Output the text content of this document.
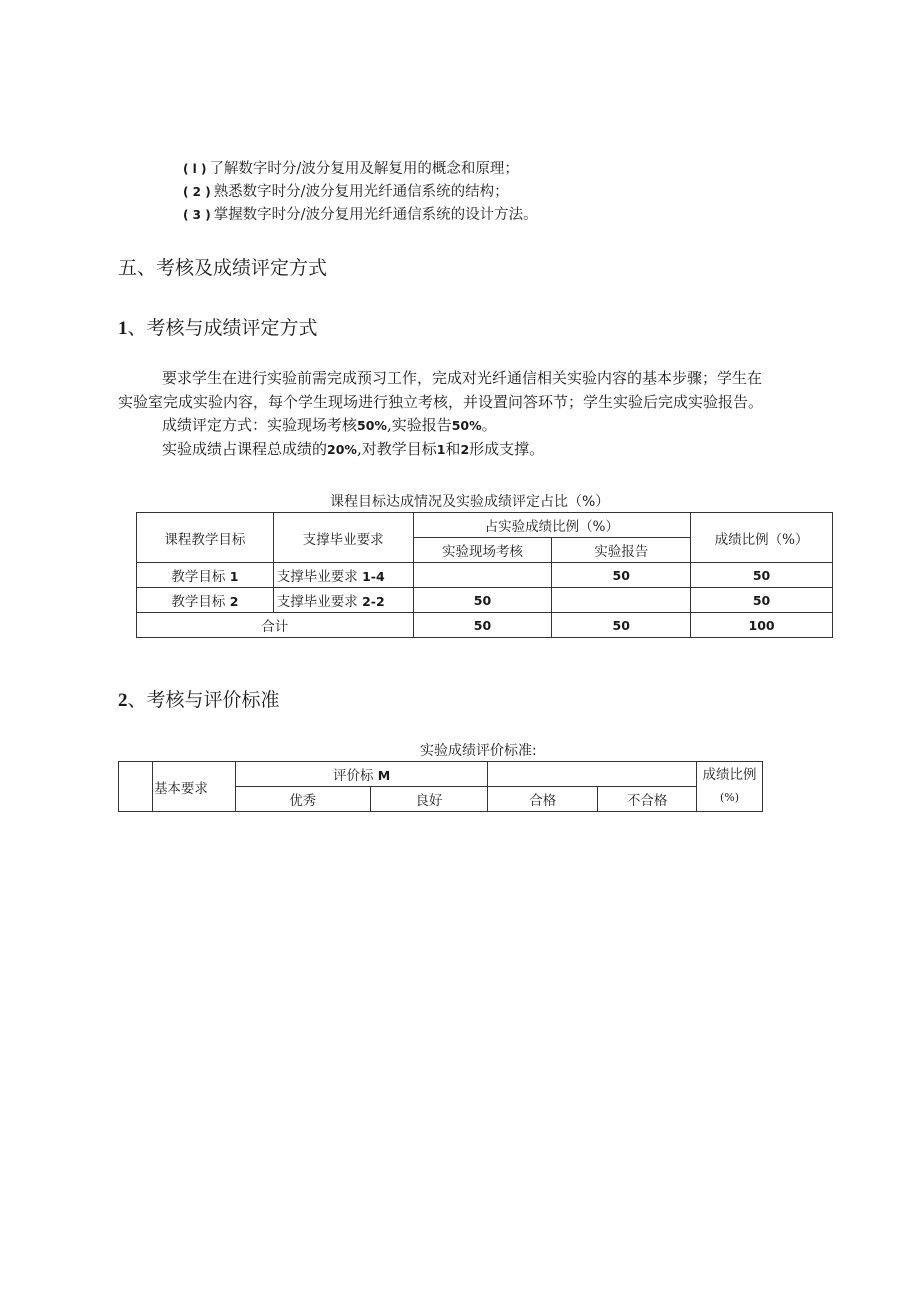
( l ) 了解数字时分/波分复用及解复用的概念和原理；
( 2 ) 熟悉数字时分/波分复用光纤通信系统的结构；
( 3 ) 掌握数字时分/波分复用光纤通信系统的设计方法。
五、考核及成绩评定方式
1、考核与成绩评定方式
要求学生在进行实验前需完成预习工作，完成对光纤通信相关实验内容的基本步骤；学生在
实验室完成实验内容，每个学生现场进行独立考核，并设置问答环节；学生实验后完成实验报告。
成绩评定方式：实验现场考核50%,实验报告50%。
实验成绩占课程总成绩的20%,对教学目标1和2形成支撑。
课程目标达成情况及实验成绩评定占比（%）
课程教学目标	支撑毕业要求	占实验成绩比例（%）		成绩比例（%）
		实验现场考核	实验报告	
教学目标 1	支撑毕业要求 1-4		50	50
教学目标 2	支撑毕业要求 2-2	50		50
合计		50	50	100
2、考核与评价标准
实验成绩评价标准:
	基本要求	评价标 M				成绩比例
(%)
		优秀	良好	合格	不合格	
